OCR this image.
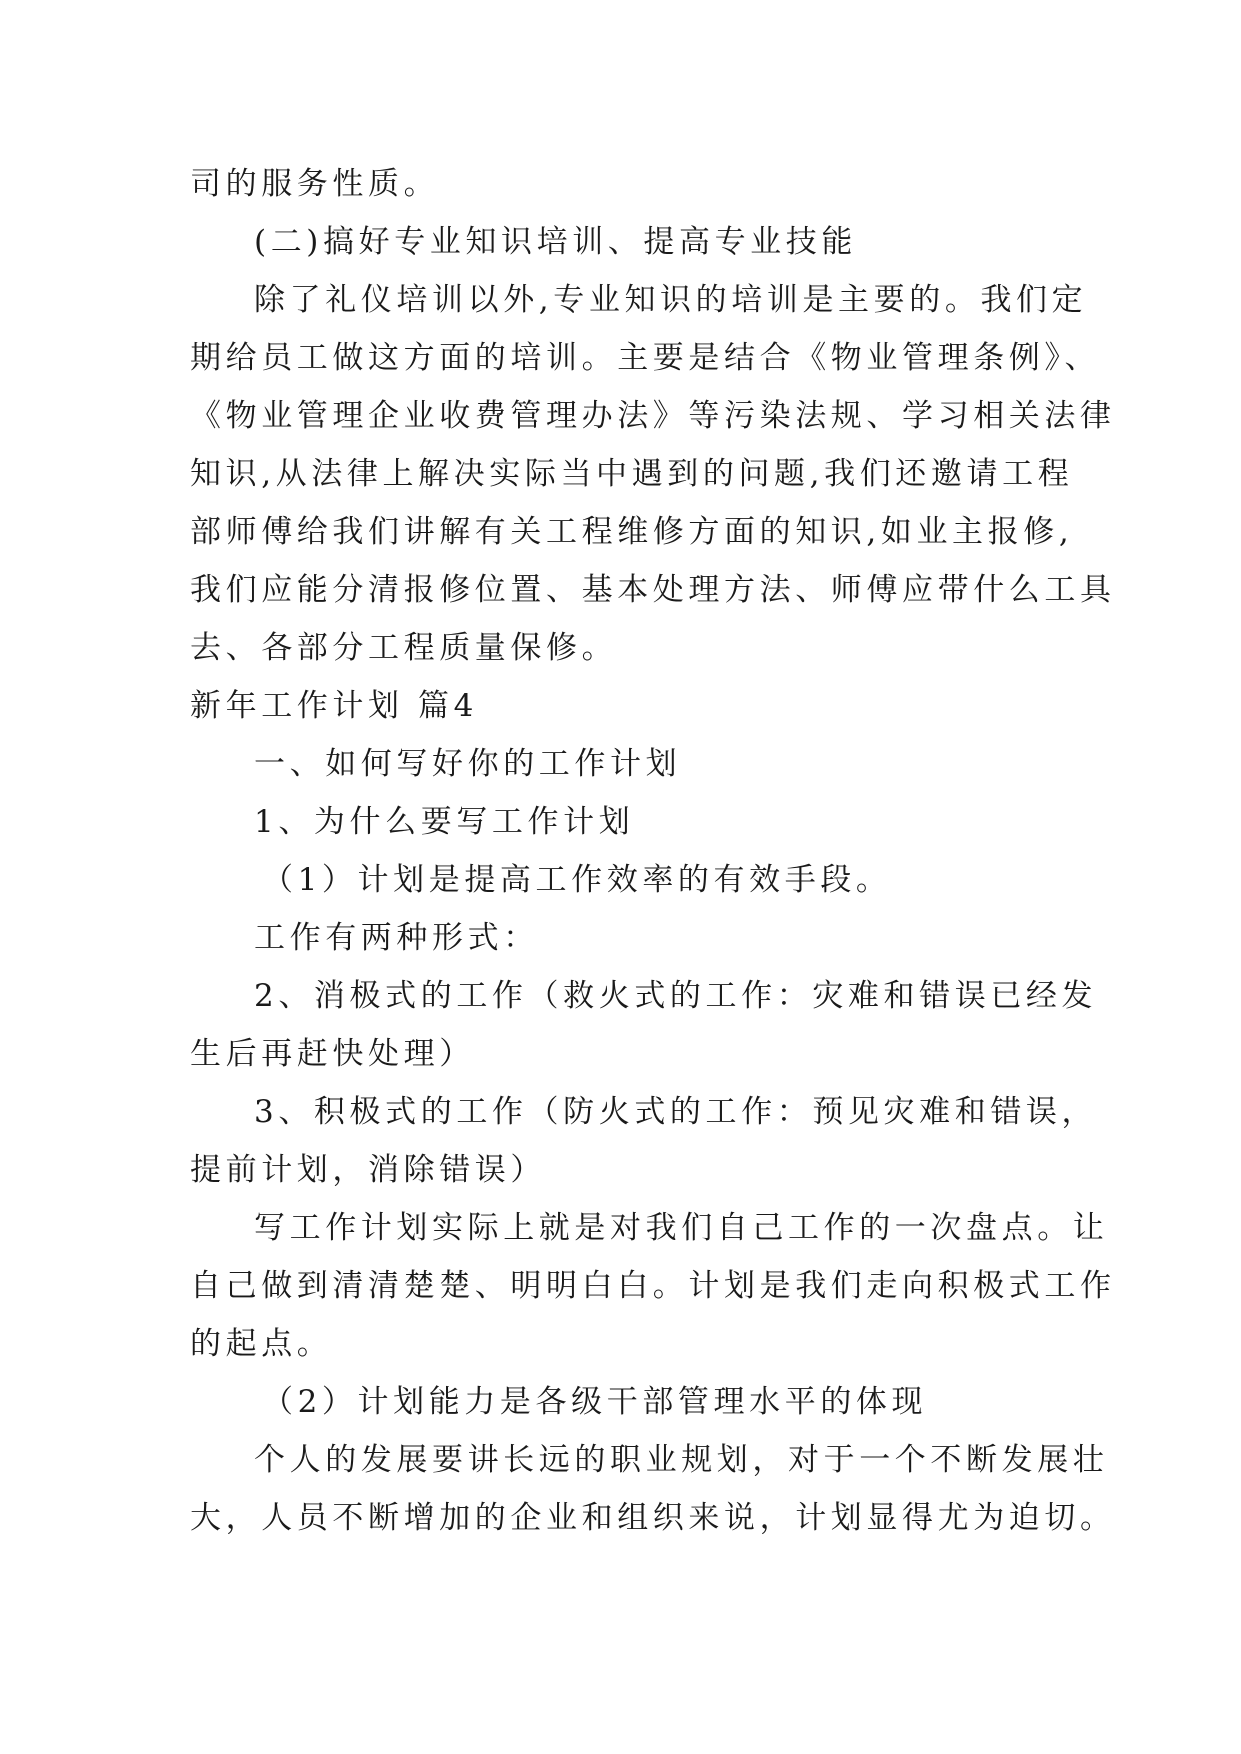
司的服务性质。
(二)搞好专业知识培训、提高专业技能
除了礼仪培训以外,专业知识的培训是主要的。我们定
期给员工做这方面的培训。主要是结合《物业管理条例》、
《物业管理企业收费管理办法》等污染法规、学习相关法律
知识,从法律上解决实际当中遇到的问题,我们还邀请工程
部师傅给我们讲解有关工程维修方面的知识,如业主报修,
我们应能分清报修位置、基本处理方法、师傅应带什么工具
去、各部分工程质量保修。
新年工作计划 篇4
一、如何写好你的工作计划
1、为什么要写工作计划
（1）计划是提高工作效率的有效手段。
工作有两种形式：
2、消极式的工作（救火式的工作：灾难和错误已经发
生后再赶快处理）
3、积极式的工作（防火式的工作：预见灾难和错误，
提前计划，消除错误）
写工作计划实际上就是对我们自己工作的一次盘点。让
自己做到清清楚楚、明明白白。计划是我们走向积极式工作
的起点。
（2）计划能力是各级干部管理水平的体现
个人的发展要讲长远的职业规划，对于一个不断发展壮
大，人员不断增加的企业和组织来说，计划显得尤为迫切。
